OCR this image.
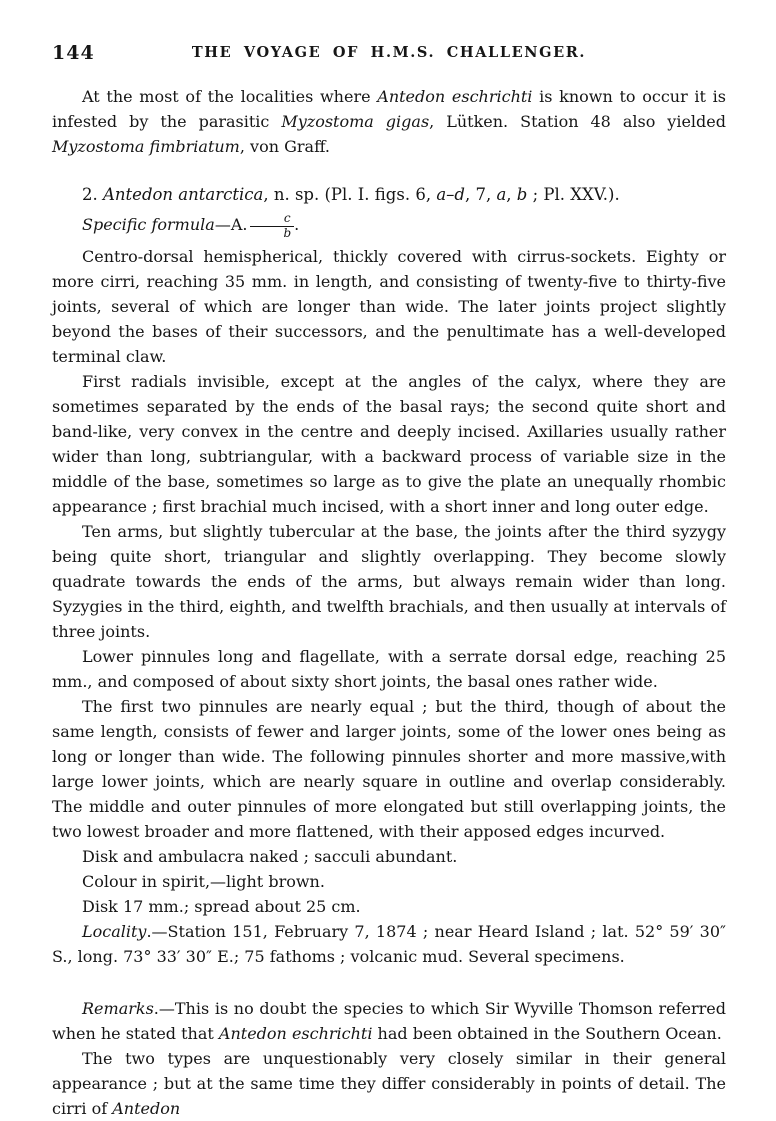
144	THE VOYAGE OF H.M.S. CHALLENGER.

At the most of the localities where Antedon eschrichti is known to occur it is infested by the parasitic Myzostoma gigas, Lütken. Station 48 also yielded Myzostoma fimbriatum, von Graff.

2. Antedon antarctica, n. sp. (Pl. I. figs. 6, a–d, 7, a, b ; Pl. XXV.).

Specific formula—A. $\frac{c}{b}$ .

Centro-dorsal hemispherical, thickly covered with cirrus-sockets. Eighty or more cirri, reaching 35 mm. in length, and consisting of twenty-five to thirty-five joints, several of which are longer than wide. The later joints project slightly beyond the bases of their successors, and the penultimate has a well-developed terminal claw.

First radials invisible, except at the angles of the calyx, where they are sometimes separated by the ends of the basal rays; the second quite short and band-like, very convex in the centre and deeply incised. Axillaries usually rather wider than long, subtriangular, with a backward process of variable size in the middle of the base, sometimes so large as to give the plate an unequally rhombic appearance ; first brachial much incised, with a short inner and long outer edge.

Ten arms, but slightly tubercular at the base, the joints after the third syzygy being quite short, triangular and slightly overlapping. They become slowly quadrate towards the ends of the arms, but always remain wider than long. Syzygies in the third, eighth, and twelfth brachials, and then usually at intervals of three joints.

Lower pinnules long and flagellate, with a serrate dorsal edge, reaching 25 mm., and composed of about sixty short joints, the basal ones rather wide.

The first two pinnules are nearly equal ; but the third, though of about the same length, consists of fewer and larger joints, some of the lower ones being as long or longer than wide. The following pinnules shorter and more massive,with large lower joints, which are nearly square in outline and overlap considerably. The middle and outer pinnules of more elongated but still overlapping joints, the two lowest broader and more flattened, with their apposed edges incurved.

Disk and ambulacra naked ; sacculi abundant.

Colour in spirit,—light brown.

Disk 17 mm.; spread about 25 cm.

Locality.—Station 151, February 7, 1874 ; near Heard Island ; lat. 52° 59′ 30″ S., long. 73° 33′ 30″ E.; 75 fathoms ; volcanic mud. Several specimens.

Remarks.—This is no doubt the species to which Sir Wyville Thomson referred when he stated that Antedon eschrichti had been obtained in the Southern Ocean.

The two types are unquestionably very closely similar in their general appearance ; but at the same time they differ considerably in points of detail. The cirri of Antedon
